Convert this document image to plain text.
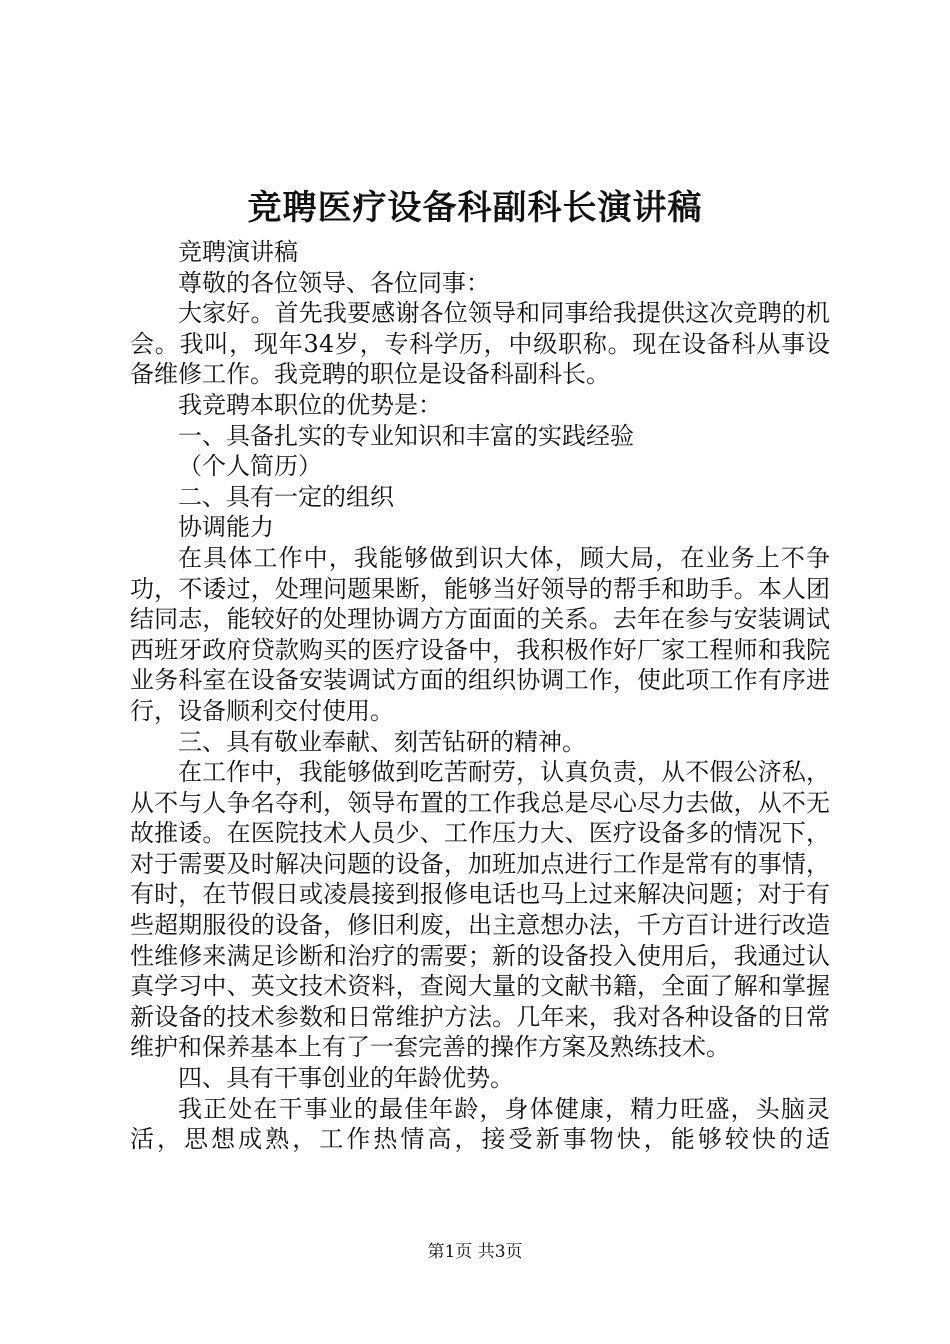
竞聘医疗设备科副科长演讲稿

竞聘演讲稿

尊敬的各位领导、各位同事：

大家好。首先我要感谢各位领导和同事给我提供这次竞聘的机会。我叫，现年34岁，专科学历，中级职称。现在设备科从事设备维修工作。我竞聘的职位是设备科副科长。

我竞聘本职位的优势是：

一、具备扎实的专业知识和丰富的实践经验

（个人简历）

二、具有一定的组织

协调能力

在具体工作中，我能够做到识大体，顾大局，在业务上不争功，不诿过，处理问题果断，能够当好领导的帮手和助手。本人团结同志，能较好的处理协调方方面面的关系。去年在参与安装调试西班牙政府贷款购买的医疗设备中，我积极作好厂家工程师和我院业务科室在设备安装调试方面的组织协调工作，使此项工作有序进行，设备顺利交付使用。

三、具有敬业奉献、刻苦钻研的精神。

在工作中，我能够做到吃苦耐劳，认真负责，从不假公济私，从不与人争名夺利，领导布置的工作我总是尽心尽力去做，从不无故推诿。在医院技术人员少、工作压力大、医疗设备多的情况下，对于需要及时解决问题的设备，加班加点进行工作是常有的事情，有时，在节假日或凌晨接到报修电话也马上过来解决问题；对于有些超期服役的设备，修旧利废，出主意想办法，千方百计进行改造性维修来满足诊断和治疗的需要；新的设备投入使用后，我通过认真学习中、英文技术资料，查阅大量的文献书籍，全面了解和掌握新设备的技术参数和日常维护方法。几年来，我对各种设备的日常维护和保养基本上有了一套完善的操作方案及熟练技术。

四、具有干事创业的年龄优势。

我正处在干事业的最佳年龄，身体健康，精力旺盛，头脑灵活，思想成熟，工作热情高，接受新事物快，能够较快的适

第1页 共3页
